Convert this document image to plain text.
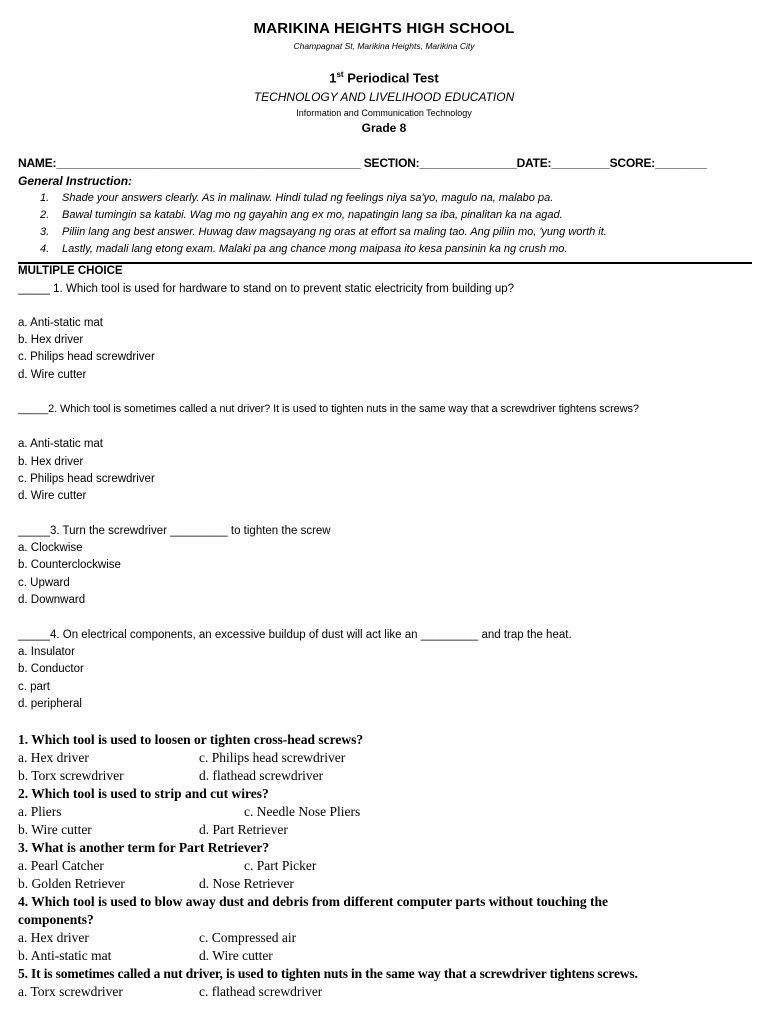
MARIKINA HEIGHTS HIGH SCHOOL
Champagnat St, Marikina Heights, Marikina City
1st Periodical Test
TECHNOLOGY AND LIVELIHOOD EDUCATION
Information and Communication Technology
Grade 8
NAME:_______________________________________________ SECTION:_______________DATE:_________SCORE:________
General Instruction:
1. Shade your answers clearly. As in malinaw. Hindi tulad ng feelings niya sa'yo, magulo na, malabo pa.
2. Bawal tumingin sa katabi. Wag mo ng gayahin ang ex mo, napatingin lang sa iba, pinalitan ka na agad.
3. Piliin lang ang best answer. Huwag daw magsayang ng oras at effort sa maling tao. Ang piliin mo, 'yung worth it.
4. Lastly, madali lang etong exam. Malaki pa ang chance mong maipasa ito kesa pansinin ka ng crush mo.
MULTIPLE CHOICE
_____ 1. Which tool is used for hardware to stand on to prevent static electricity from building up?
a. Anti-static mat
b. Hex driver
c. Philips head screwdriver
d. Wire cutter
_____2. Which tool is sometimes called a nut driver? It is used to tighten nuts in the same way that a screwdriver tightens screws?
a. Anti-static mat
b. Hex driver
c. Philips head screwdriver
d. Wire cutter
_____3. Turn the screwdriver _________ to tighten the screw
a. Clockwise
b. Counterclockwise
c. Upward
d. Downward
_____4. On electrical components, an excessive buildup of dust will act like an _________ and trap the heat.
a. Insulator
b. Conductor
c. part
d. peripheral
1. Which tool is used to loosen or tighten cross-head screws?
a. Hex driver	c. Philips head screwdriver
b. Torx screwdriver	d. flathead screwdriver
2. Which tool is used to strip and cut wires?
a. Pliers	c. Needle Nose Pliers
b. Wire cutter	d. Part Retriever
3. What is another term for Part Retriever?
a. Pearl Catcher	c. Part Picker
b. Golden Retriever	d. Nose Retriever
4. Which tool is used to blow away dust and debris from different computer parts without touching the
components?
a. Hex driver	c. Compressed air
b. Anti-static mat	d. Wire cutter
5. It is sometimes called a nut driver, is used to tighten nuts in the same way that a screwdriver tightens screws.
a. Torx screwdriver	c. flathead screwdriver
